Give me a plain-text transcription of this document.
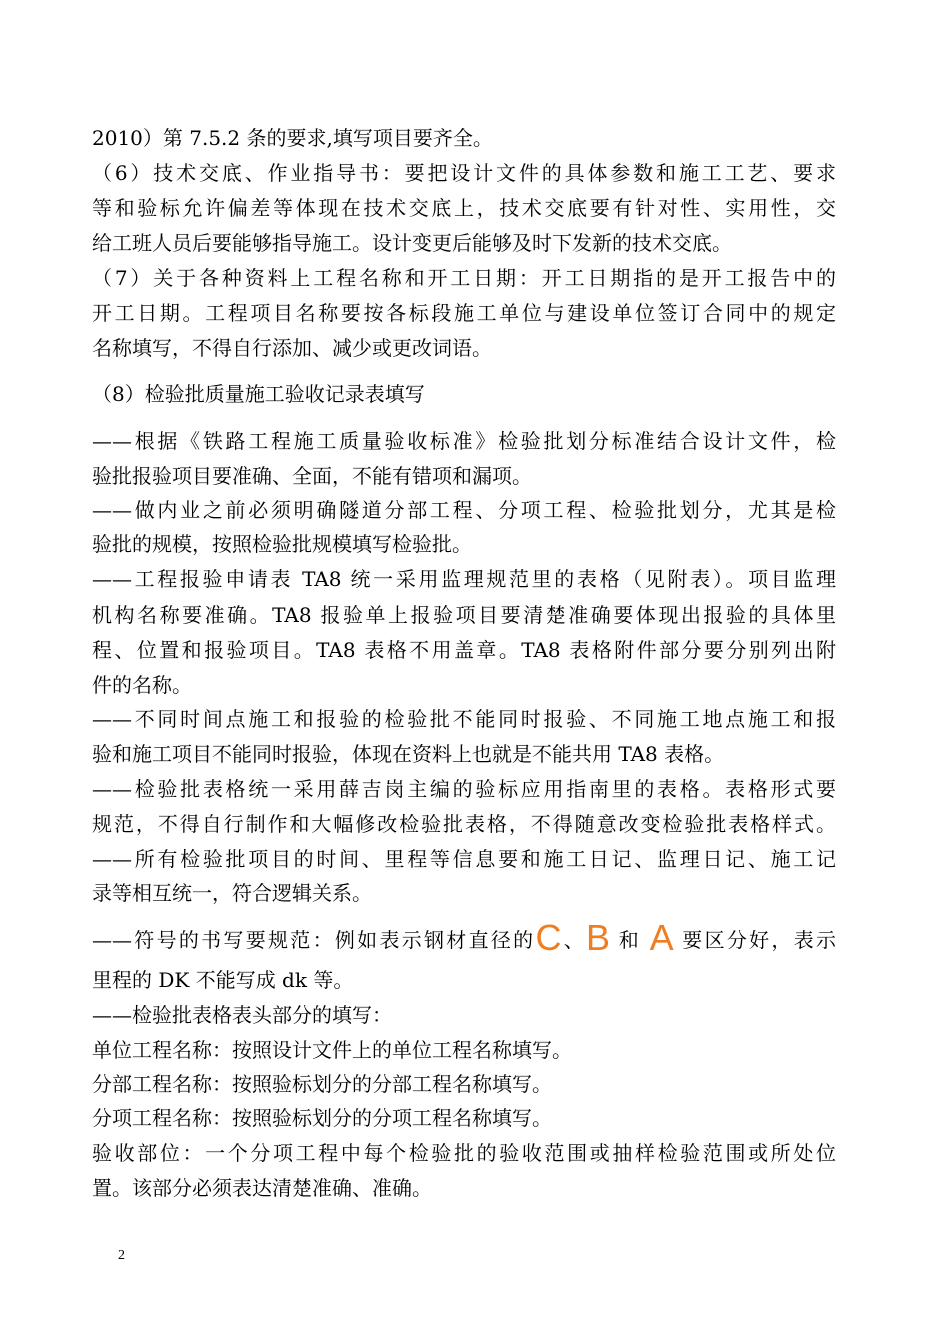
2010）第 7.5.2 条的要求,填写项目要齐全。
（6）技术交底、作业指导书：要把设计文件的具体参数和施工工艺、要求
等和验标允许偏差等体现在技术交底上，技术交底要有针对性、实用性，交
给工班人员后要能够指导施工。设计变更后能够及时下发新的技术交底。
（7）关于各种资料上工程名称和开工日期：开工日期指的是开工报告中的
开工日期。工程项目名称要按各标段施工单位与建设单位签订合同中的规定
名称填写，不得自行添加、减少或更改词语。
（8）检验批质量施工验收记录表填写
——根据《铁路工程施工质量验收标准》检验批划分标准结合设计文件，检
验批报验项目要准确、全面，不能有错项和漏项。
——做内业之前必须明确隧道分部工程、分项工程、检验批划分，尤其是检
验批的规模，按照检验批规模填写检验批。
——工程报验申请表 TA8 统一采用监理规范里的表格（见附表）。项目监理
机构名称要准确。TA8 报验单上报验项目要清楚准确要体现出报验的具体里
程、位置和报验项目。TA8 表格不用盖章。TA8 表格附件部分要分别列出附
件的名称。
——不同时间点施工和报验的检验批不能同时报验、不同施工地点施工和报
验和施工项目不能同时报验，体现在资料上也就是不能共用 TA8 表格。
——检验批表格统一采用薛吉岗主编的验标应用指南里的表格。表格形式要
规范，不得自行制作和大幅修改检验批表格，不得随意改变检验批表格样式。
——所有检验批项目的时间、里程等信息要和施工日记、监理日记、施工记
录等相互统一，符合逻辑关系。
——符号的书写要规范：例如表示钢材直径的C、B 和 A 要区分好，表示
里程的 DK 不能写成 dk 等。
——检验批表格表头部分的填写：
单位工程名称：按照设计文件上的单位工程名称填写。
分部工程名称：按照验标划分的分部工程名称填写。
分项工程名称：按照验标划分的分项工程名称填写。
验收部位：一个分项工程中每个检验批的验收范围或抽样检验范围或所处位
置。该部分必须表达清楚准确、准确。
2
